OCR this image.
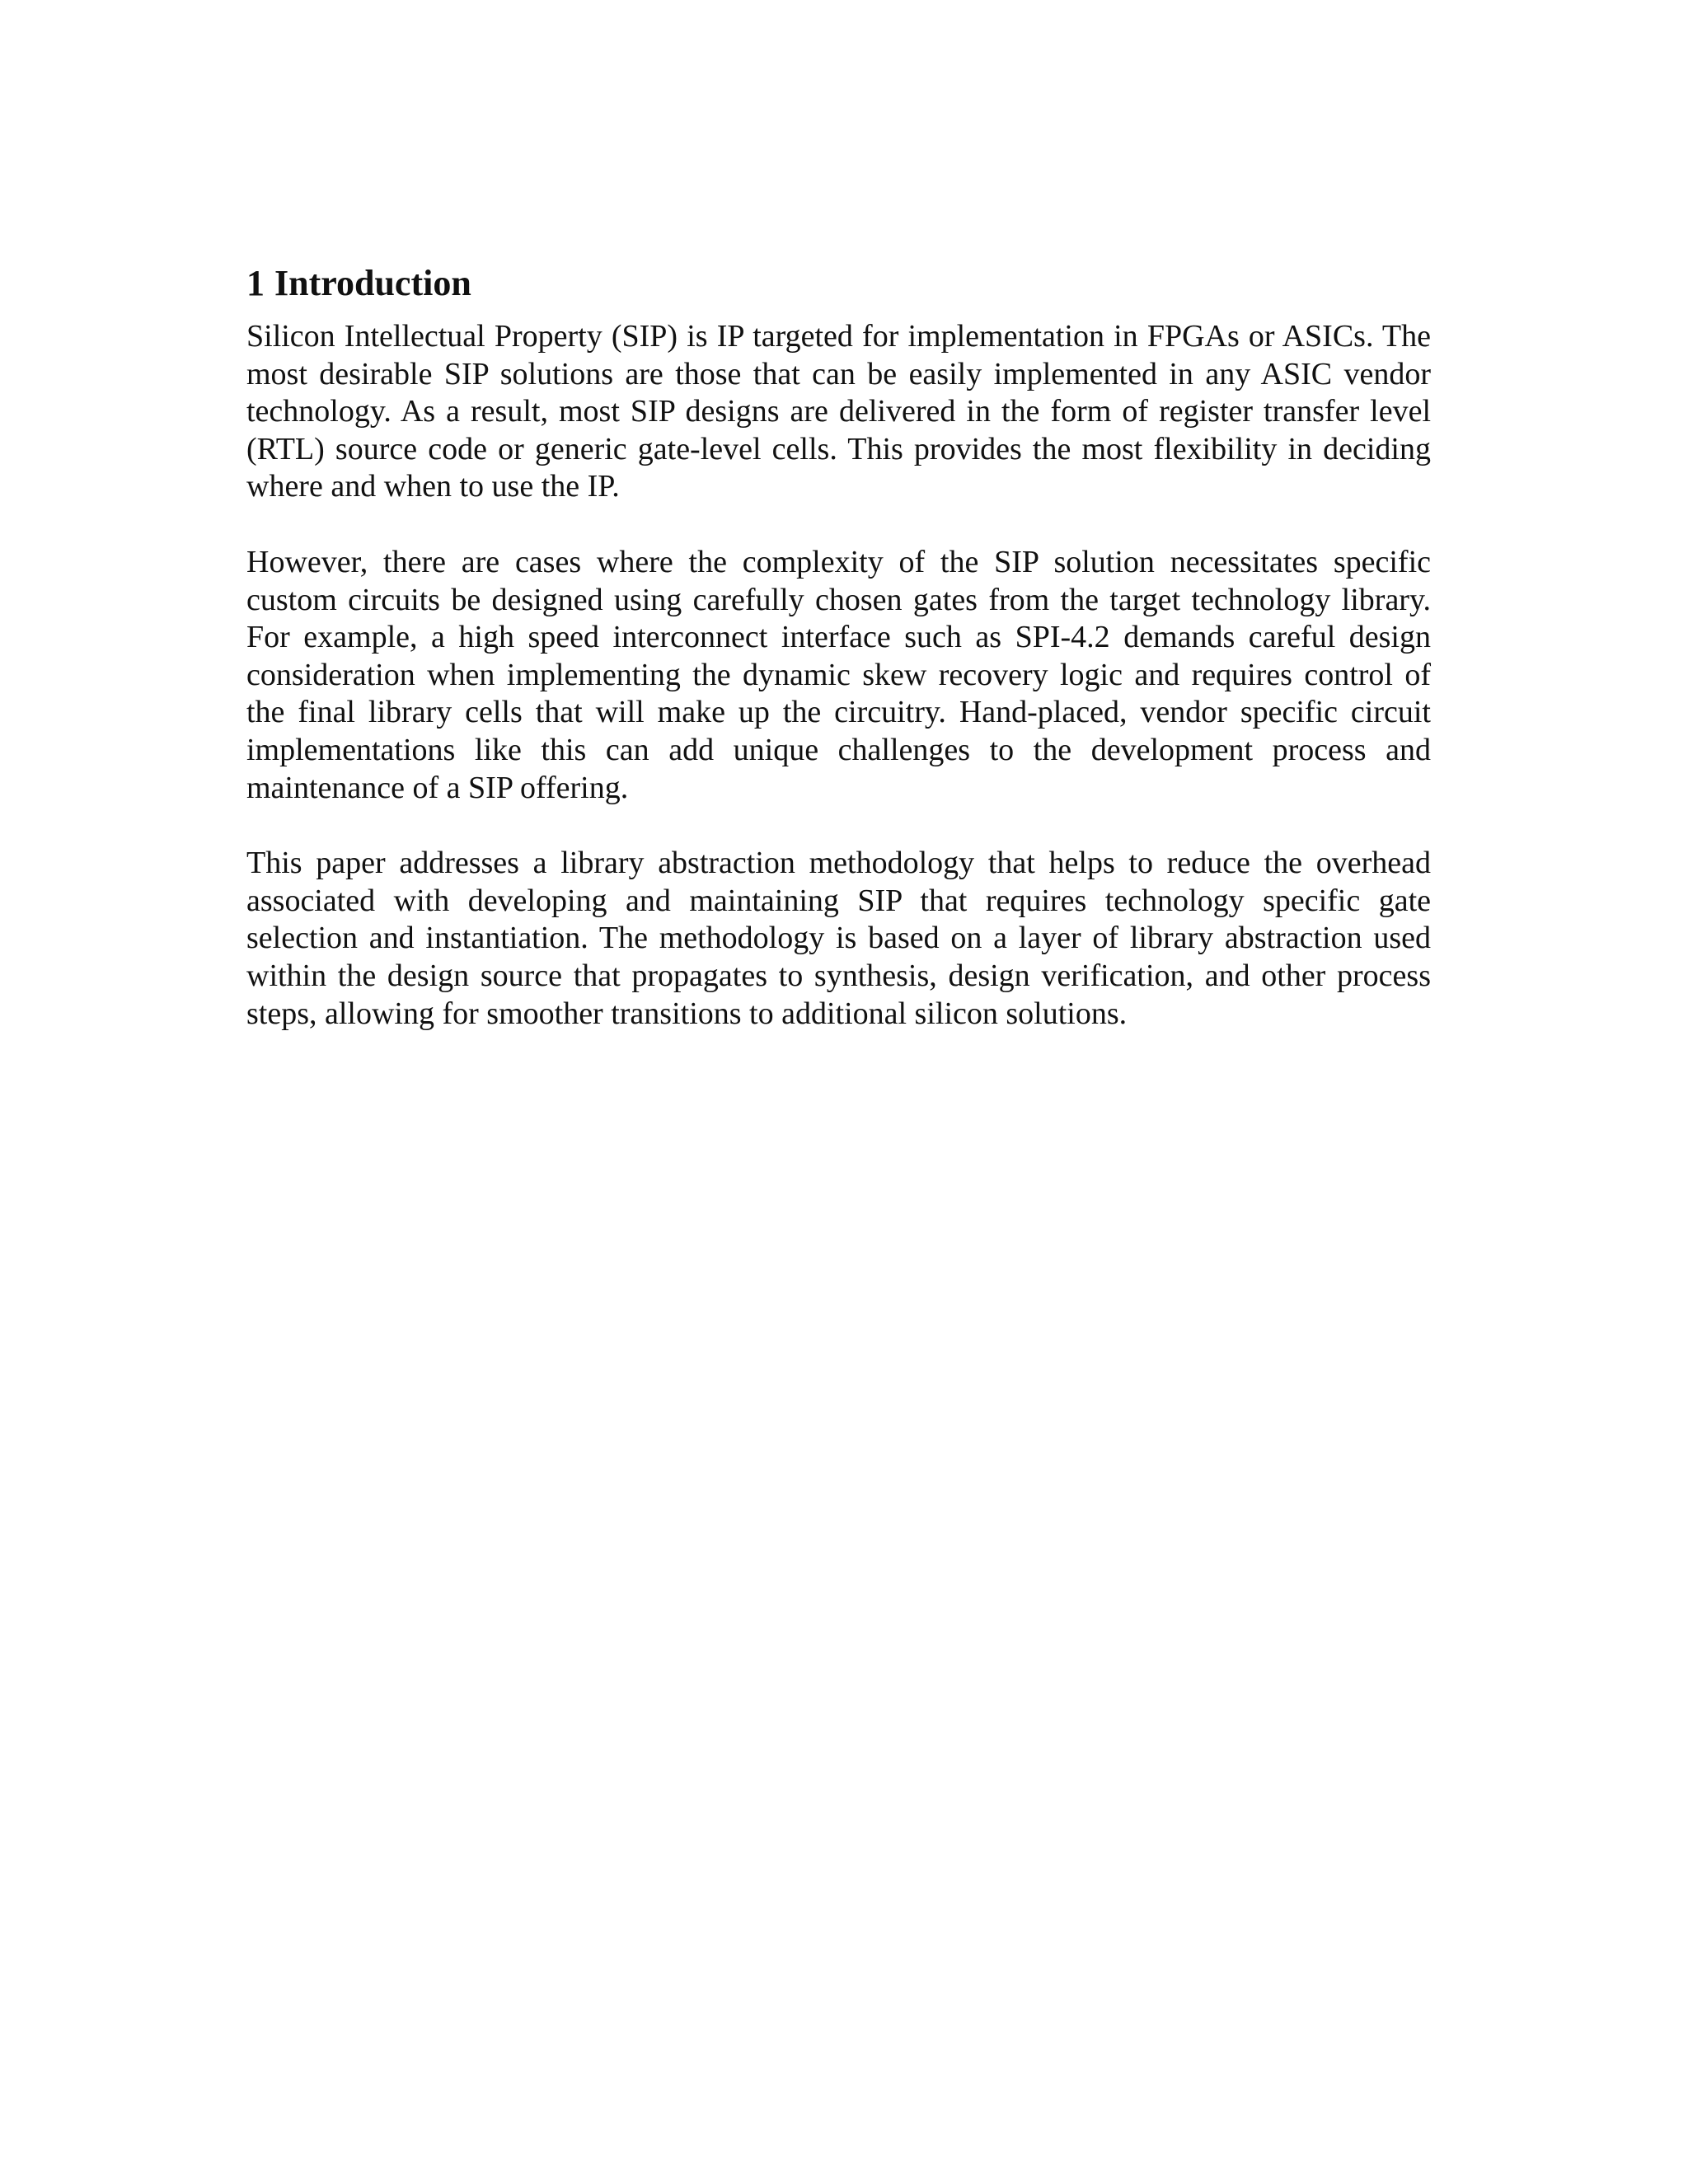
1 Introduction

Silicon Intellectual Property (SIP) is IP targeted for implementation in FPGAs or ASICs. The most desirable SIP solutions are those that can be easily implemented in any ASIC vendor technology. As a result, most SIP designs are delivered in the form of register transfer level (RTL) source code or generic gate-level cells. This provides the most flexibility in deciding where and when to use the IP.

However, there are cases where the complexity of the SIP solution necessitates specific custom circuits be designed using carefully chosen gates from the target technology library. For example, a high speed interconnect interface such as SPI-4.2 demands careful design consideration when implementing the dynamic skew recovery logic and requires control of the final library cells that will make up the circuitry. Hand-placed, vendor specific circuit implementations like this can add unique challenges to the development process and maintenance of a SIP offering.

This paper addresses a library abstraction methodology that helps to reduce the overhead associated with developing and maintaining SIP that requires technology specific gate selection and instantiation. The methodology is based on a layer of library abstraction used within the design source that propagates to synthesis, design verification, and other process steps, allowing for smoother transitions to additional silicon solutions.
